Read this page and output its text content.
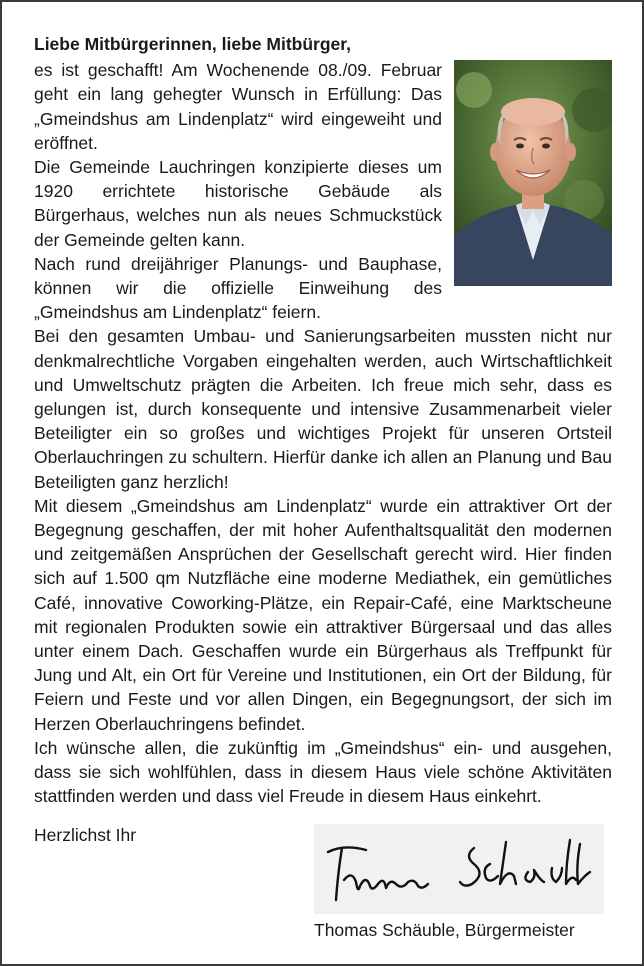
Liebe Mitbürgerinnen, liebe Mitbürger,

es ist geschafft! Am Wochenende 08./09. Februar geht ein lang gehegter Wunsch in Erfüllung: Das „Gmeindshus am Lindenplatz“ wird eingeweiht und eröffnet.

Die Gemeinde Lauchringen konzipierte dieses um 1920 errichtete historische Gebäude als Bürgerhaus, welches nun als neues Schmuckstück der Gemeinde gelten kann.

Nach rund dreijähriger Planungs- und Bauphase, können wir die offizielle Einweihung des „Gmeindshus am Lindenplatz“ feiern.

Bei den gesamten Umbau- und Sanierungsarbeiten mussten nicht nur denkmalrechtliche Vorgaben eingehalten werden, auch Wirtschaftlichkeit und Umweltschutz prägten die Arbeiten. Ich freue mich sehr, dass es gelungen ist, durch konsequente und intensive Zusammenarbeit vieler Beteiligter ein so großes und wichtiges Projekt für unseren Ortsteil Oberlauchringen zu schultern. Hierfür danke ich allen an Planung und Bau Beteiligten ganz herzlich!

Mit diesem „Gmeindshus am Lindenplatz“ wurde ein attraktiver Ort der Begegnung geschaffen, der mit hoher Aufenthaltsqualität den modernen und zeitgemäßen Ansprüchen der Gesellschaft gerecht wird. Hier finden sich auf 1.500 qm Nutzfläche eine moderne Mediathek, ein gemütliches Café, innovative Coworking-Plätze, ein Repair-Café, eine Marktscheune mit regionalen Produkten sowie ein attraktiver Bürgersaal und das alles unter einem Dach. Geschaffen wurde ein Bürgerhaus als Treffpunkt für Jung und Alt, ein Ort für Vereine und Institutionen, ein Ort der Bildung, für Feiern und Feste und vor allen Dingen, ein Begegnungsort, der sich im Herzen Oberlauchringens befindet.

Ich wünsche allen, die zukünftig im „Gmeindshus“ ein- und ausgehen, dass sie sich wohlfühlen, dass in diesem Haus viele schöne Aktivitäten stattfinden werden und dass viel Freude in diesem Haus einkehrt.

Herzlichst Ihr
Thomas Schäuble, Bürgermeister
